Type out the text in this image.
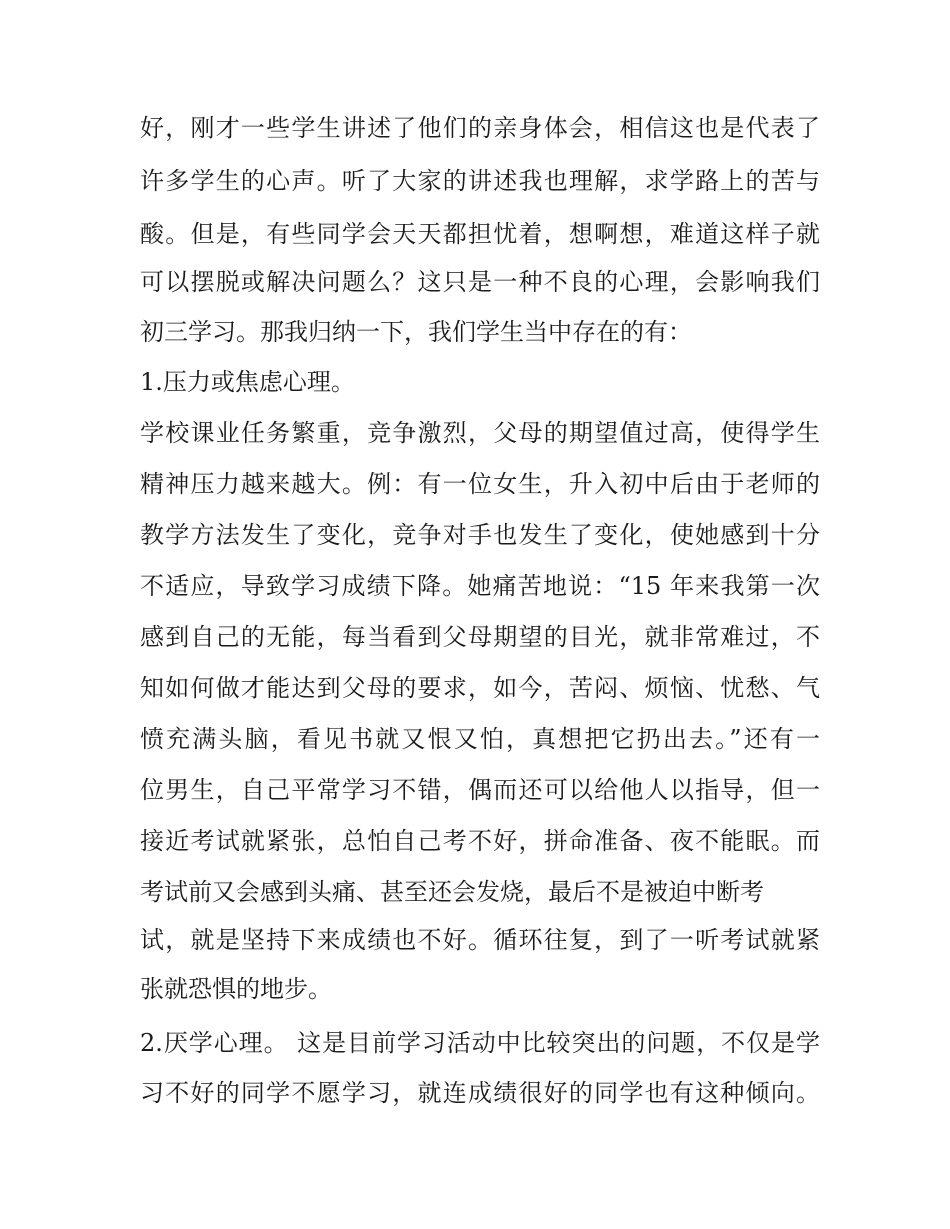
好，刚才一些学生讲述了他们的亲身体会，相信这也是代表了
许多学生的心声。听了大家的讲述我也理解，求学路上的苦与
酸。但是，有些同学会天天都担忧着，想啊想，难道这样子就
可以摆脱或解决问题么？这只是一种不良的心理，会影响我们
初三学习。那我归纳一下，我们学生当中存在的有：
1.压力或焦虑心理。
学校课业任务繁重，竞争激烈，父母的期望值过高，使得学生
精神压力越来越大。例：有一位女生，升入初中后由于老师的
教学方法发生了变化，竞争对手也发生了变化，使她感到十分
不适应，导致学习成绩下降。她痛苦地说：“15 年来我第一次
感到自己的无能，每当看到父母期望的目光，就非常难过，不
知如何做才能达到父母的要求，如今，苦闷、烦恼、忧愁、气
愤充满头脑，看见书就又恨又怕，真想把它扔出去。”还有一
位男生，自己平常学习不错，偶而还可以给他人以指导，但一
接近考试就紧张，总怕自己考不好，拼命准备、夜不能眠。而
考试前又会感到头痛、甚至还会发烧，最后不是被迫中断考
试，就是坚持下来成绩也不好。循环往复，到了一听考试就紧
张就恐惧的地步。
2.厌学心理。 这是目前学习活动中比较突出的问题，不仅是学
习不好的同学不愿学习，就连成绩很好的同学也有这种倾向。
